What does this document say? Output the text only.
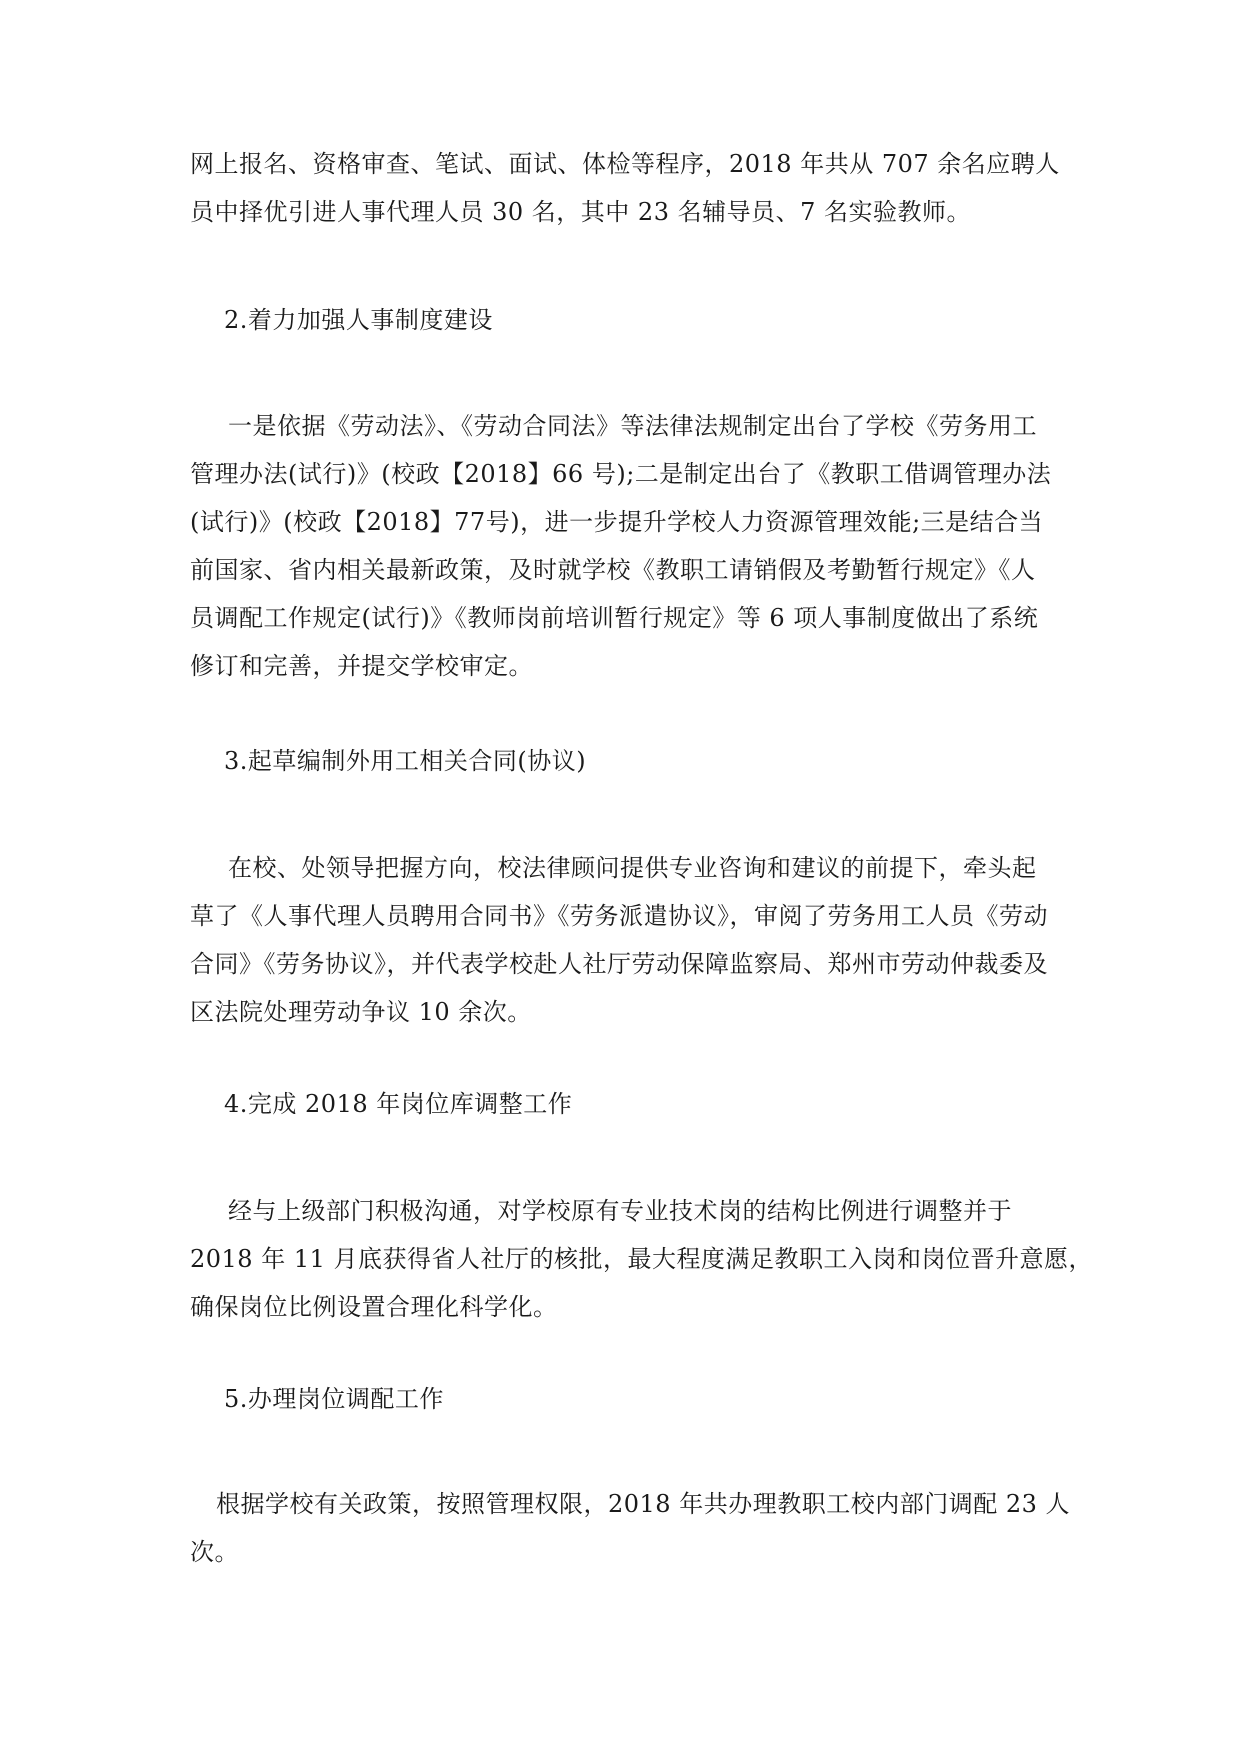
网上报名、资格审查、笔试、面试、体检等程序，2018 年共从 707 余名应聘人
员中择优引进人事代理人员 30 名，其中 23 名辅导员、7 名实验教师。
2.着力加强人事制度建设
一是依据《劳动法》、《劳动合同法》等法律法规制定出台了学校《劳务用工
管理办法(试行)》(校政【2018】66 号);二是制定出台了《教职工借调管理办法
(试行)》(校政【2018】77号)，进一步提升学校人力资源管理效能;三是结合当
前国家、省内相关最新政策，及时就学校《教职工请销假及考勤暂行规定》《人
员调配工作规定(试行)》《教师岗前培训暂行规定》等 6 项人事制度做出了系统
修订和完善，并提交学校审定。
3.起草编制外用工相关合同(协议)
在校、处领导把握方向，校法律顾问提供专业咨询和建议的前提下，牵头起
草了《人事代理人员聘用合同书》《劳务派遣协议》，审阅了劳务用工人员《劳动
合同》《劳务协议》，并代表学校赴人社厅劳动保障监察局、郑州市劳动仲裁委及
区法院处理劳动争议 10 余次。
4.完成 2018 年岗位库调整工作
经与上级部门积极沟通，对学校原有专业技术岗的结构比例进行调整并于
2018 年 11 月底获得省人社厅的核批，最大程度满足教职工入岗和岗位晋升意愿，
确保岗位比例设置合理化科学化。
5.办理岗位调配工作
根据学校有关政策，按照管理权限，2018 年共办理教职工校内部门调配 23 人
次。
